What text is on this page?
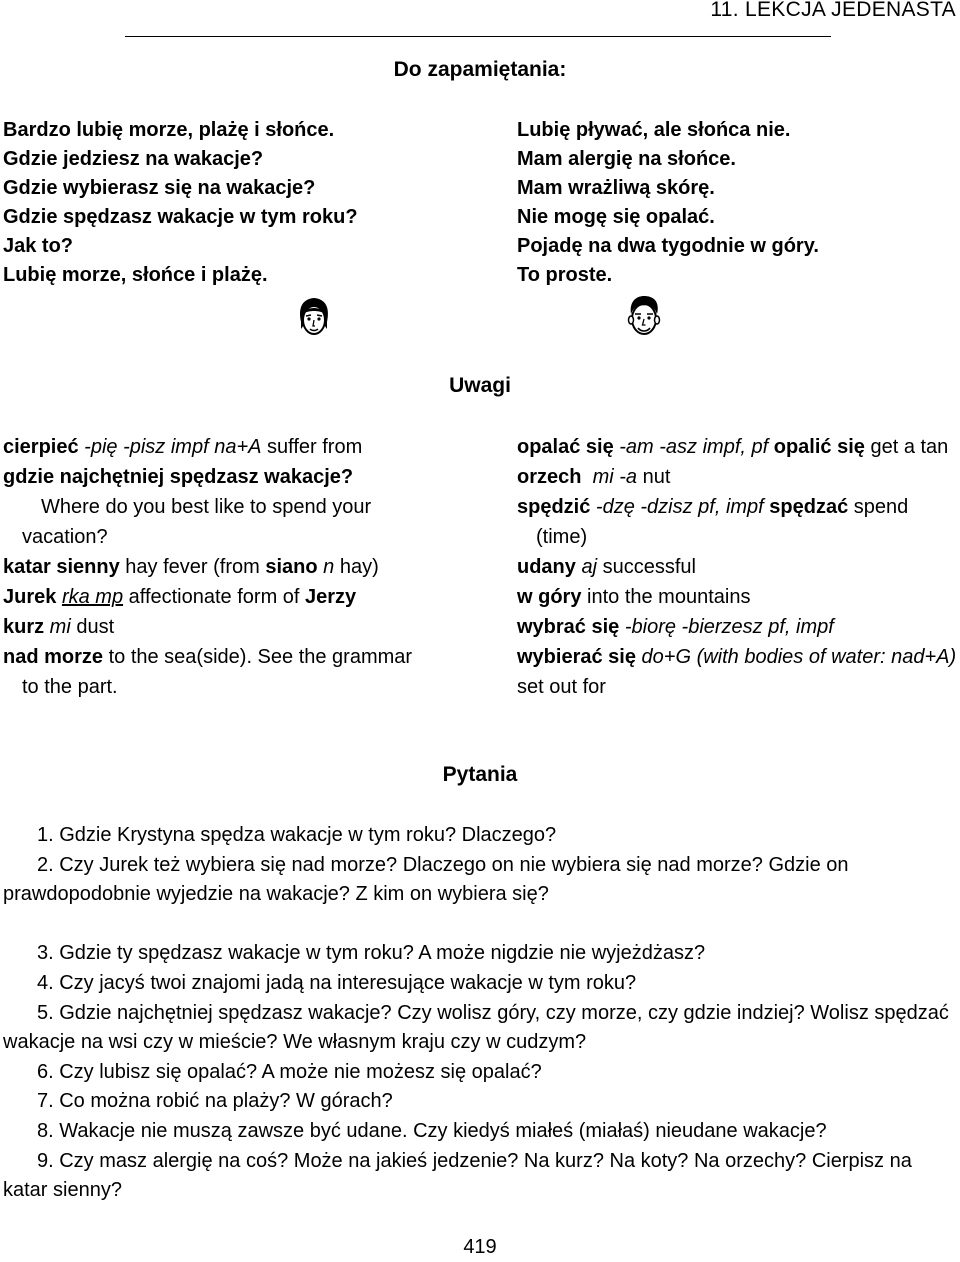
11. LEKCJA JEDENASTA
Do zapamiętania:
Bardzo lubię morze, plażę i słońce.
Gdzie jedziesz na wakacje?
Gdzie wybierasz się na wakacje?
Gdzie spędzasz wakacje w tym roku?
Jak to?
Lubię morze, słońce i plażę.
Lubię pływać, ale słońca nie.
Mam alergię na słońce.
Mam wrażliwą skórę.
Nie mogę się opalać.
Pojadę na dwa tygodnie w góry.
To proste.
Uwagi
cierpieć -pię -pisz impf na+A suffer from
gdzie najchętniej spędzasz wakacje?
Where do you best like to spend your vacation?
katar sienny hay fever (from siano n hay)
Jurek rka mp affectionate form of Jerzy
kurz mi dust
nad morze to the sea(side). See the grammar to the part.
opalać się -am -asz impf, pf opalić się get a tan
orzech  mi -a nut
spędzić -dzę -dzisz pf, impf spędzać spend (time)
udany aj successful
w góry into the mountains
wybrać się -biorę -bierzesz pf, impf
wybierać się do+G (with bodies of water: nad+A) set out for
Pytania
1. Gdzie Krystyna spędza wakacje w tym roku? Dlaczego?
2. Czy Jurek też wybiera się nad morze? Dlaczego on nie wybiera się nad morze? Gdzie on prawdopodobnie wyjedzie na wakacje? Z kim on wybiera się?
3. Gdzie ty spędzasz wakacje w tym roku? A może nigdzie nie wyjeżdżasz?
4. Czy jacyś twoi znajomi jadą na interesujące wakacje w tym roku?
5. Gdzie najchętniej spędzasz wakacje? Czy wolisz góry, czy morze, czy gdzie indziej? Wolisz spędzać wakacje na wsi czy w mieście? We własnym kraju czy w cudzym?
6. Czy lubisz się opalać? A może nie możesz się opalać?
7. Co można robić na plaży? W górach?
8. Wakacje nie muszą zawsze być udane. Czy kiedyś miałeś (miałaś) nieudane wakacje?
9. Czy masz alergię na coś? Może na jakieś jedzenie? Na kurz? Na koty? Na orzechy? Cierpisz na katar sienny?
419
